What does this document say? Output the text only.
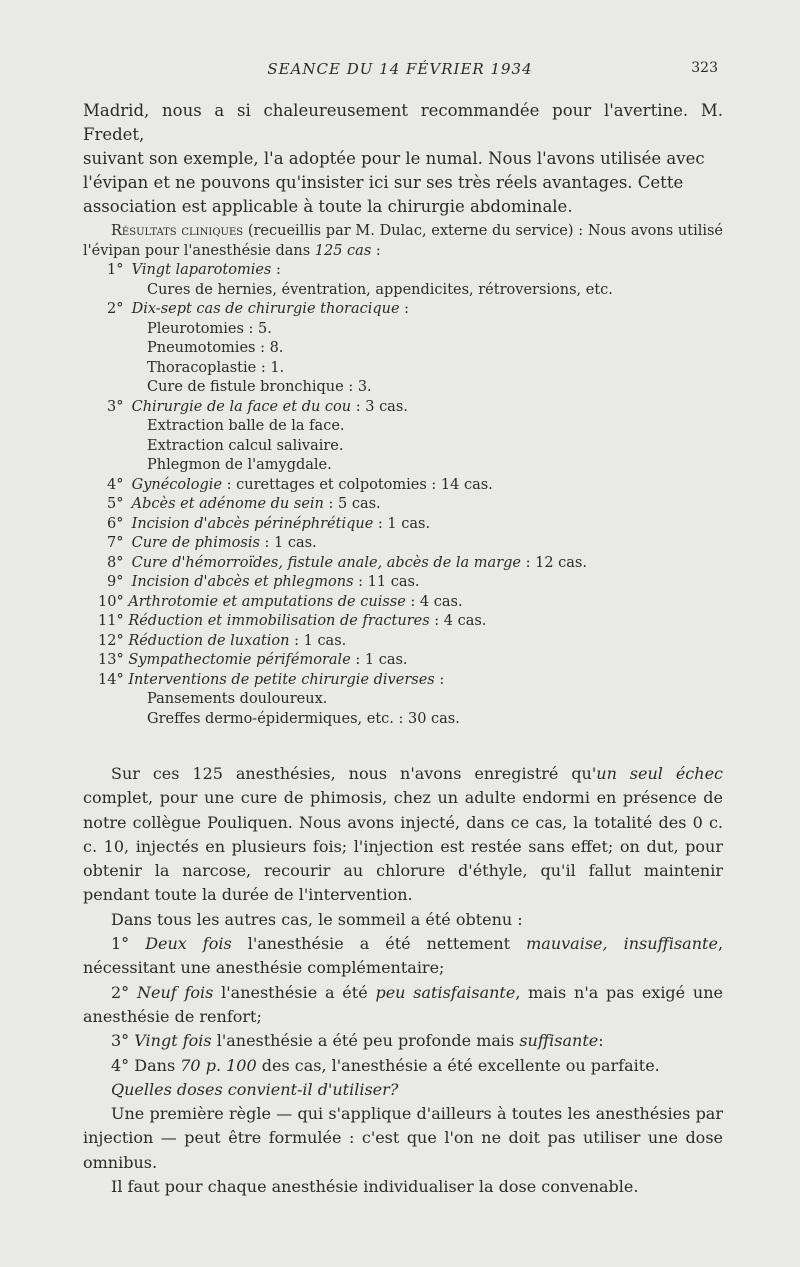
SEANCE DU 14 FÉVRIER 1934	323
Madrid, nous a si chaleureusement recommandée pour l'avertine. M. Fredet,
suivant son exemple, l'a adoptée pour le numal. Nous l'avons utilisée avec
l'évipan et ne pouvons qu'insister ici sur ses très réels avantages. Cette
association est applicable à toute la chirurgie abdominale.

Résultats cliniques (recueillis par M. Dulac, externe du service) : Nous avons utilisé l'évipan pour l'anesthésie dans 125 cas :

1° Vingt laparotomies :
Cures de hernies, éventration, appendicites, rétroversions, etc.
2° Dix-sept cas de chirurgie thoracique :
Pleurotomies : 5.
Pneumotomies : 8.
Thoracoplastie : 1.
Cure de fistule bronchique : 3.
3° Chirurgie de la face et du cou : 3 cas.
Extraction balle de la face.
Extraction calcul salivaire.
Phlegmon de l'amygdale.
4° Gynécologie : curettages et colpotomies : 14 cas.
5° Abcès et adénome du sein : 5 cas.
6° Incision d'abcès périnéphrétique : 1 cas.
7° Cure de phimosis : 1 cas.
8° Cure d'hémorroïdes, fistule anale, abcès de la marge : 12 cas.
9° Incision d'abcès et phlegmons : 11 cas.
10° Arthrotomie et amputations de cuisse : 4 cas.
11° Réduction et immobilisation de fractures : 4 cas.
12° Réduction de luxation : 1 cas.
13° Sympathectomie périfémorale : 1 cas.
14° Interventions de petite chirurgie diverses :
Pansements douloureux.
Greffes dermo-épidermiques, etc. : 30 cas.

Sur ces 125 anesthésies, nous n'avons enregistré qu'un seul échec complet, pour une cure de phimosis, chez un adulte endormi en présence de notre collègue Pouliquen. Nous avons injecté, dans ce cas, la totalité des 0 c. c. 10, injectés en plusieurs fois; l'injection est restée sans effet; on dut, pour obtenir la narcose, recourir au chlorure d'éthyle, qu'il fallut maintenir pendant toute la durée de l'intervention.

Dans tous les autres cas, le sommeil a été obtenu :

1° Deux fois l'anesthésie a été nettement mauvaise, insuffisante, nécessitant une anesthésie complémentaire;

2° Neuf fois l'anesthésie a été peu satisfaisante, mais n'a pas exigé une anesthésie de renfort;

3° Vingt fois l'anesthésie a été peu profonde mais suffisante:

4° Dans 70 p. 100 des cas, l'anesthésie a été excellente ou parfaite.

Quelles doses convient-il d'utiliser?

Une première règle — qui s'applique d'ailleurs à toutes les anesthésies par injection — peut être formulée : c'est que l'on ne doit pas utiliser une dose omnibus.

Il faut pour chaque anesthésie individualiser la dose convenable.
